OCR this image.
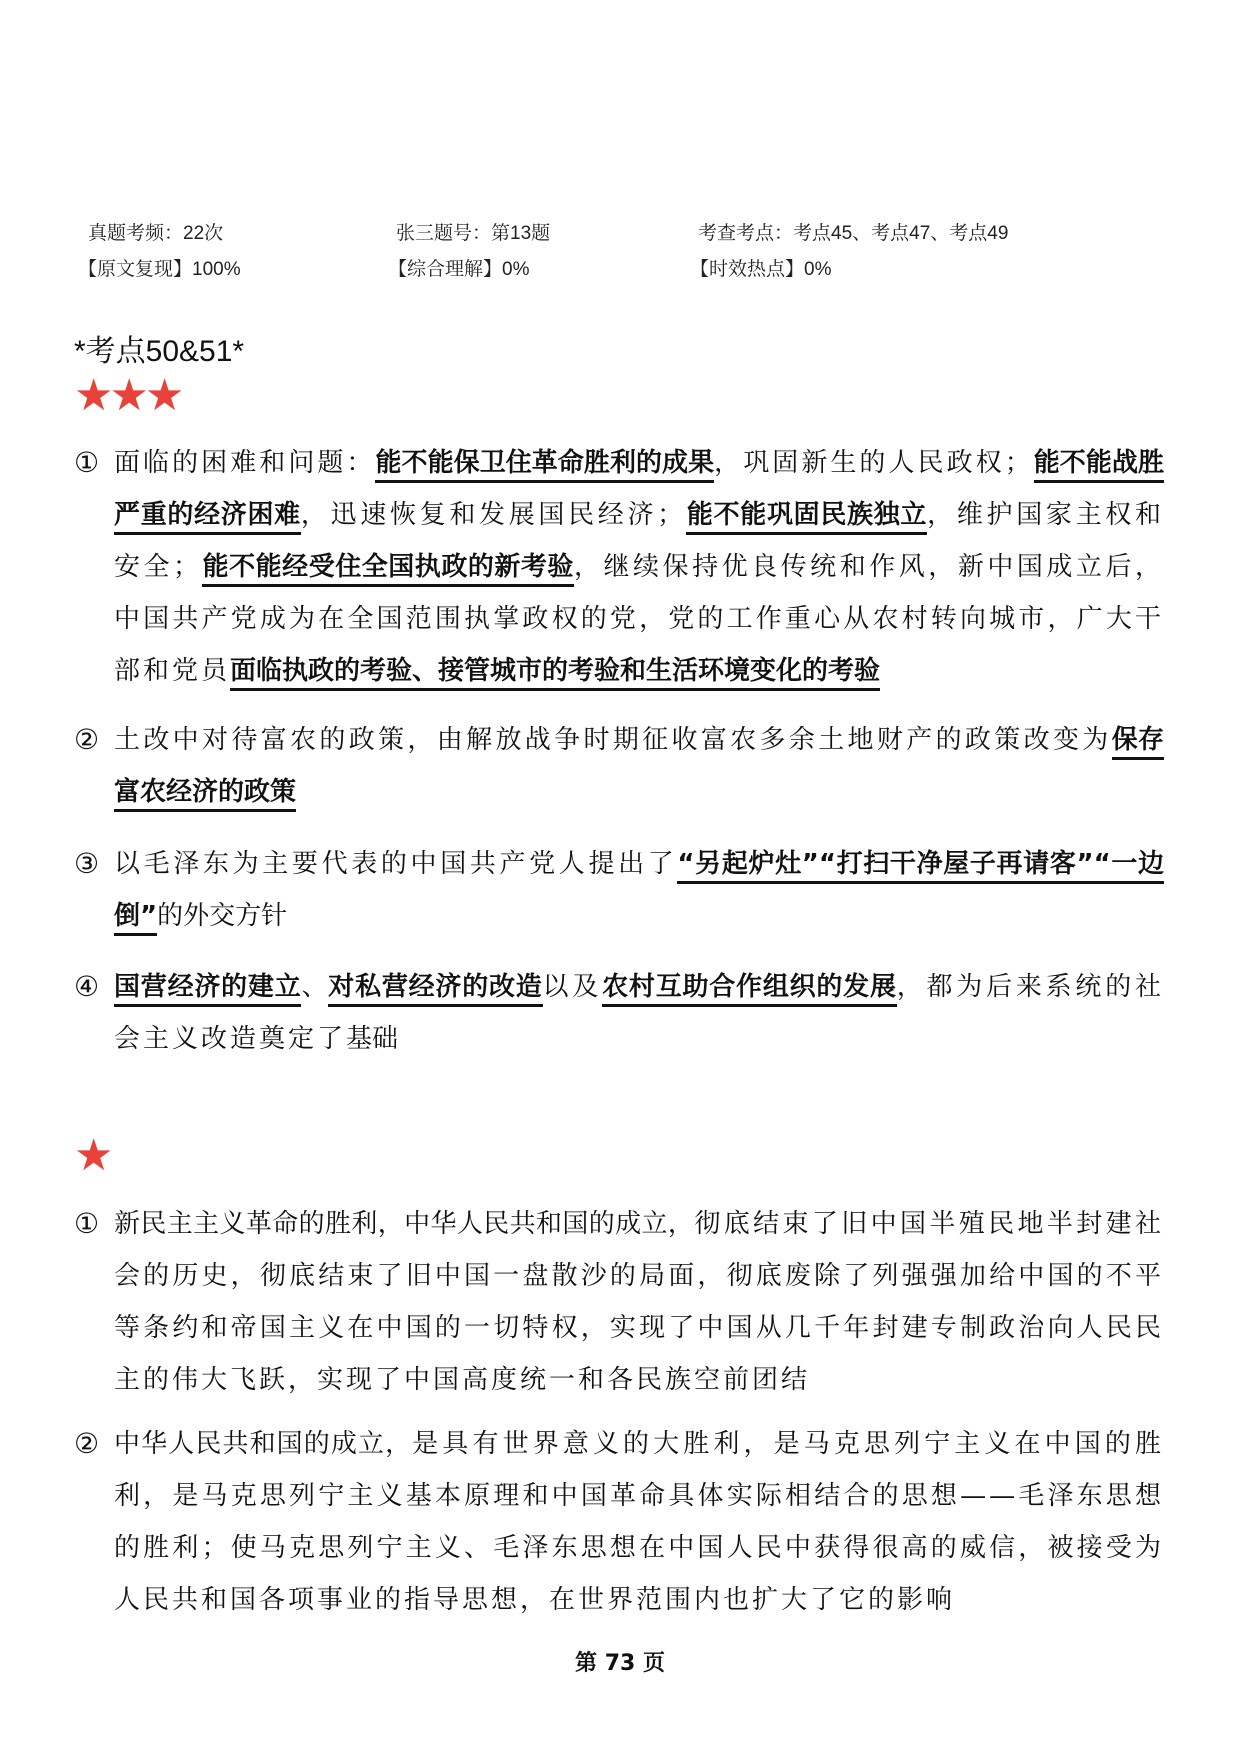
真题考频：22次	张三题号：第13题	考查考点：考点45、考点47、考点49
【原文复现】100%	【综合理解】0%	【时效热点】0%
*考点50&51*
★★★
① 面临的困难和问题：能不能保卫住革命胜利的成果，巩固新生的人民政权；能不能战胜严重的经济困难，迅速恢复和发展国民经济；能不能巩固民族独立，维护国家主权和安全；能不能经受住全国执政的新考验，继续保持优良传统和作风，新中国成立后，中国共产党成为在全国范围执掌政权的党，党的工作重心从农村转向城市，广大干部和党员面临执政的考验、接管城市的考验和生活环境变化的考验
② 土改中对待富农的政策，由解放战争时期征收富农多余土地财产的政策改变为保存富农经济的政策
③ 以毛泽东为主要代表的中国共产党人提出了“另起炉灶”“打扫干净屋子再请客”“一边倒”的外交方针
④ 国营经济的建立、对私营经济的改造以及农村互助合作组织的发展，都为后来系统的社会主义改造奠定了基础
★
① 新民主主义革命的胜利，中华人民共和国的成立，彻底结束了旧中国半殖民地半封建社会的历史，彻底结束了旧中国一盘散沙的局面，彻底废除了列强强加给中国的不平等条约和帝国主义在中国的一切特权，实现了中国从几千年封建专制政治向人民民主的伟大飞跃，实现了中国高度统一和各民族空前团结
② 中华人民共和国的成立，是具有世界意义的大胜利，是马克思列宁主义在中国的胜利，是马克思列宁主义基本原理和中国革命具体实际相结合的思想——毛泽东思想的胜利；使马克思列宁主义、毛泽东思想在中国人民中获得很高的威信，被接受为人民共和国各项事业的指导思想，在世界范围内也扩大了它的影响
第 73 页
